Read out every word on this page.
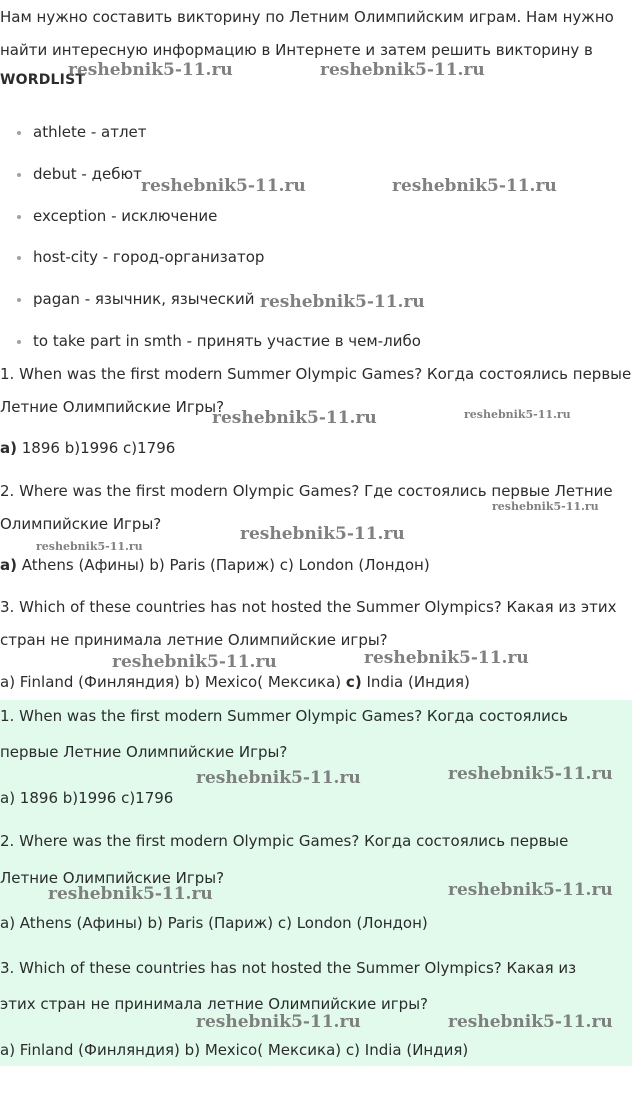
Нам нужно составить викторину по Летним Олимпийским играм. Нам нужно
найти интересную информацию в Интернете и затем решить викторину в
WORDLIST
athlete - атлет
debut - дебют
exception - исключение
host-city - город-организатор
pagan - язычник, языческий
to take part in smth - принять участие в чем-либо
1. When was the first modern Summer Olympic Games? Когда состоялись первые
Летние Олимпийские Игры?
a) 1896 b)1996 c)1796
2. Where was the first modern Olympic Games? Где состоялись первые Летние
Олимпийские Игры?
a) Athens (Афины) b) Paris (Париж) c) London (Лондон)
3. Which of these countries has not hosted the Summer Olympics? Какая из этих
стран не принимала летние Олимпийские игры?
a) Finland (Финляндия) b) Mexico( Мексика) c) India (Индия)
1. When was the first modern Summer Olympic Games? Когда состоялись
первые Летние Олимпийские Игры?
a) 1896 b)1996 c)1796
2. Where was the first modern Olympic Games? Когда состоялись первые
Летние Олимпийские Игры?
a) Athens (Афины) b) Paris (Париж) c) London (Лондон)
3. Which of these countries has not hosted the Summer Olympics? Какая из
этих стран не принимала летние Олимпийские игры?
a) Finland (Финляндия) b) Mexico( Мексика) c) India (Индия)
reshebnik5-11.ru	reshebnik5-11.ru
reshebnik5-11.ru	reshebnik5-11.ru
reshebnik5-11.ru
reshebnik5-11.ru	reshebnik5-11.ru
reshebnik5-11.ru
reshebnik5-11.ru
reshebnik5-11.ru
reshebnik5-11.ru	reshebnik5-11.ru
reshebnik5-11.ru	reshebnik5-11.ru
reshebnik5-11.ru	reshebnik5-11.ru
reshebnik5-11.ru	reshebnik5-11.ru
